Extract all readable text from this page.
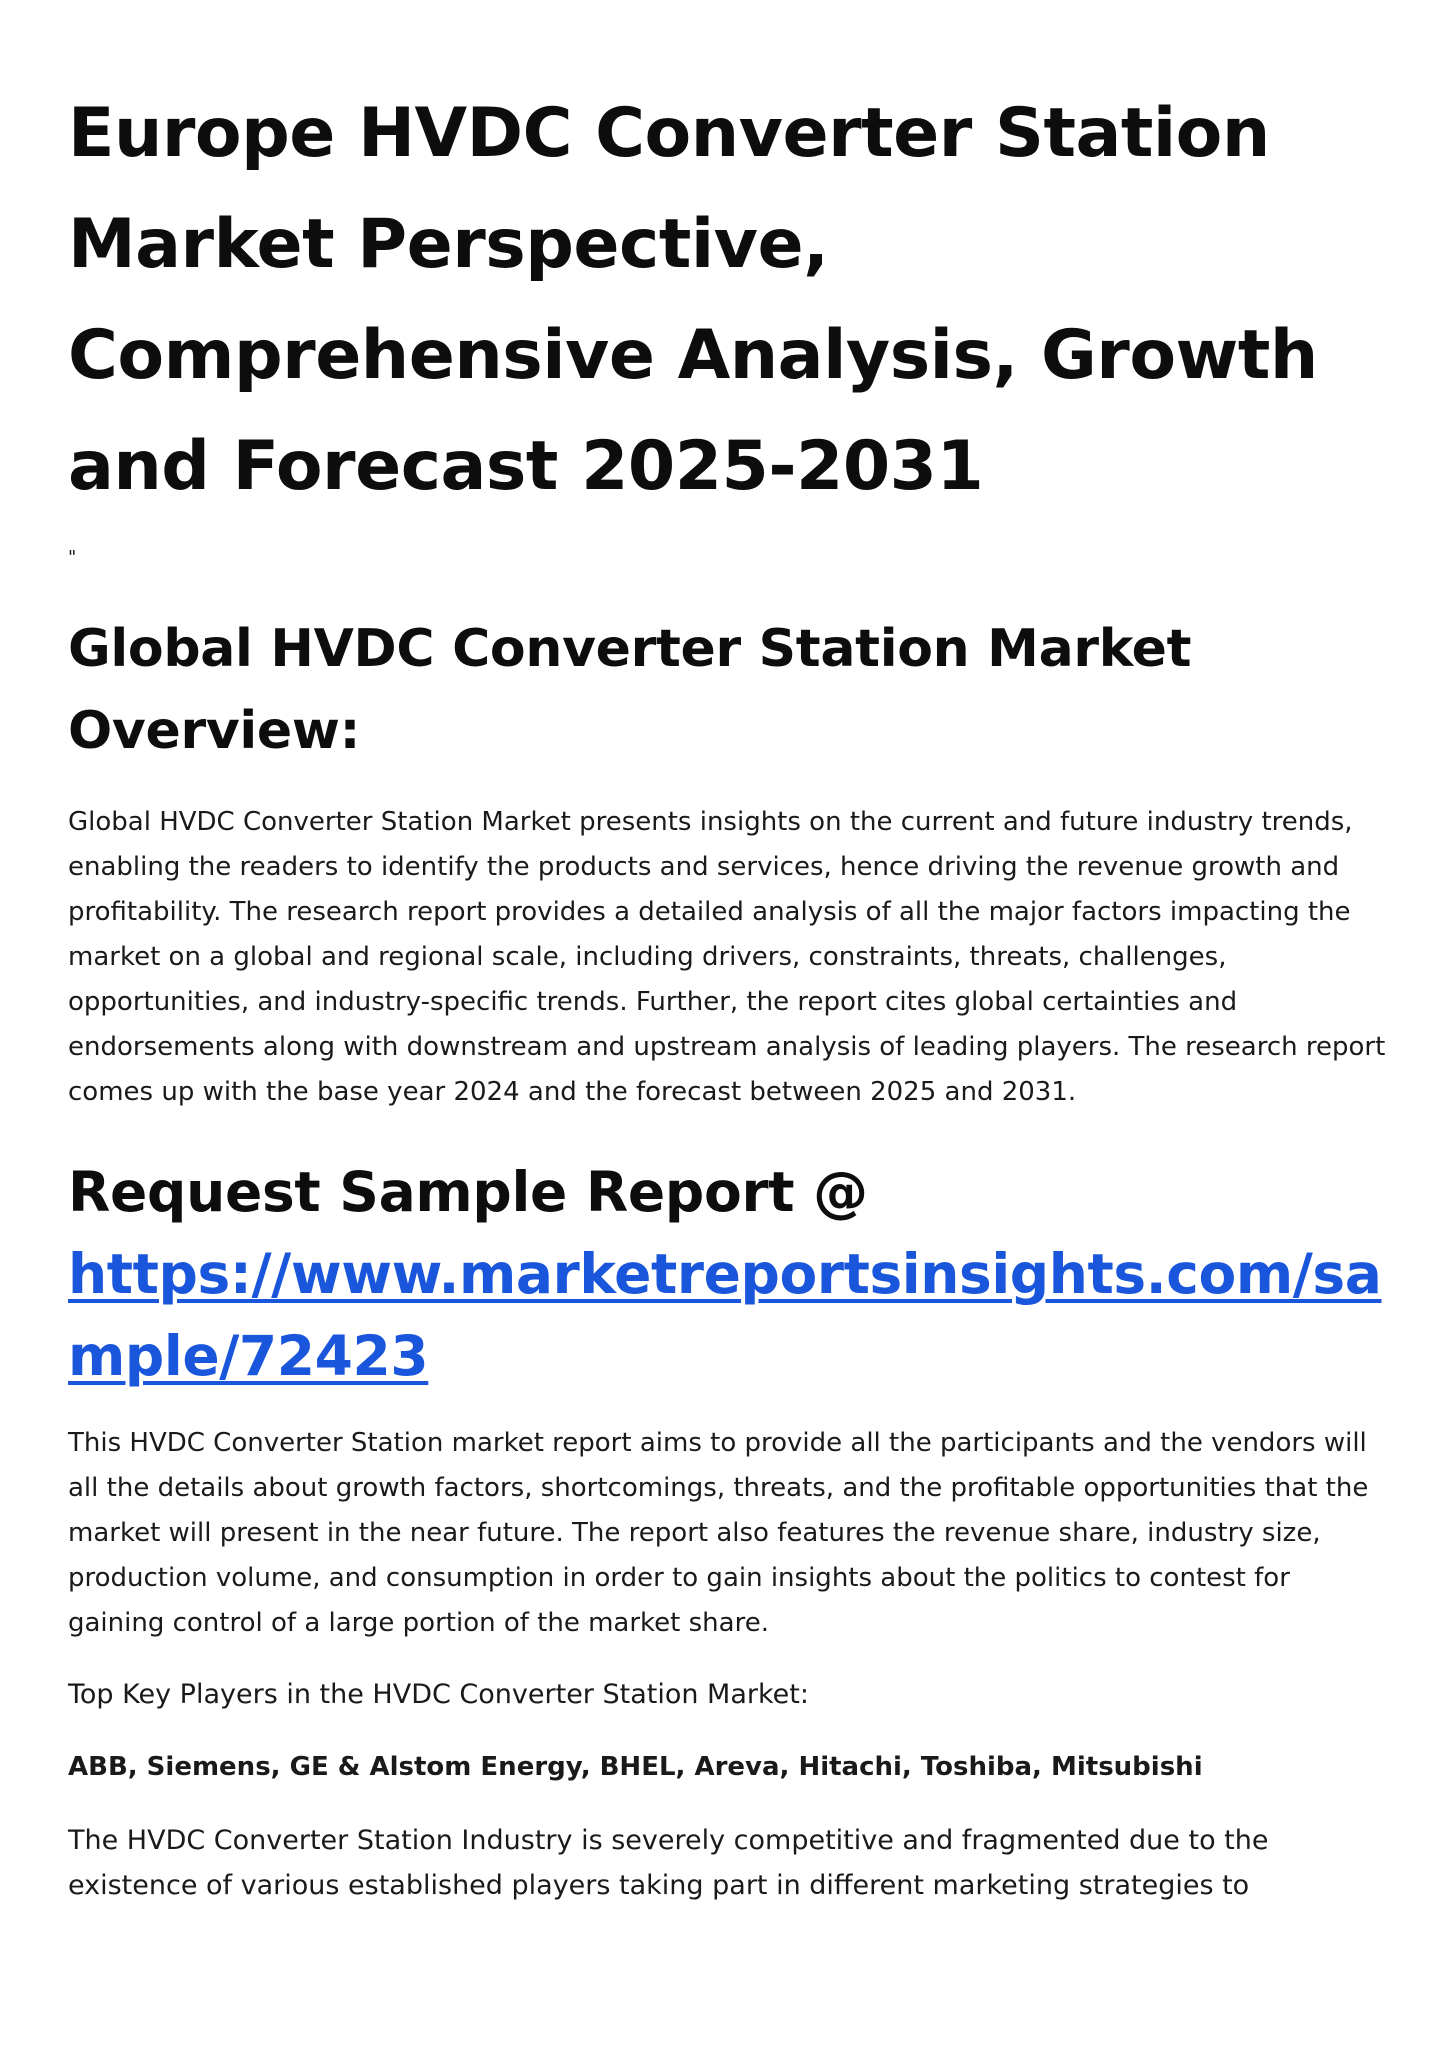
Europe HVDC Converter Station Market Perspective, Comprehensive Analysis, Growth and Forecast 2025-2031
"
Global HVDC Converter Station Market Overview:

Global HVDC Converter Station Market presents insights on the current and future industry trends, enabling the readers to identify the products and services, hence driving the revenue growth and profitability. The research report provides a detailed analysis of all the major factors impacting the market on a global and regional scale, including drivers, constraints, threats, challenges, opportunities, and industry-specific trends. Further, the report cites global certainties and endorsements along with downstream and upstream analysis of leading players. The research report comes up with the base year 2024 and the forecast between 2025 and 2031.

Request Sample Report @
https://www.marketreportsinsights.com/sample/72423

This HVDC Converter Station market report aims to provide all the participants and the vendors will all the details about growth factors, shortcomings, threats, and the profitable opportunities that the market will present in the near future. The report also features the revenue share, industry size, production volume, and consumption in order to gain insights about the politics to contest for gaining control of a large portion of the market share.

Top Key Players in the HVDC Converter Station Market:

ABB, Siemens, GE & Alstom Energy, BHEL, Areva, Hitachi, Toshiba, Mitsubishi

The HVDC Converter Station Industry is severely competitive and fragmented due to the existence of various established players taking part in different marketing strategies to
